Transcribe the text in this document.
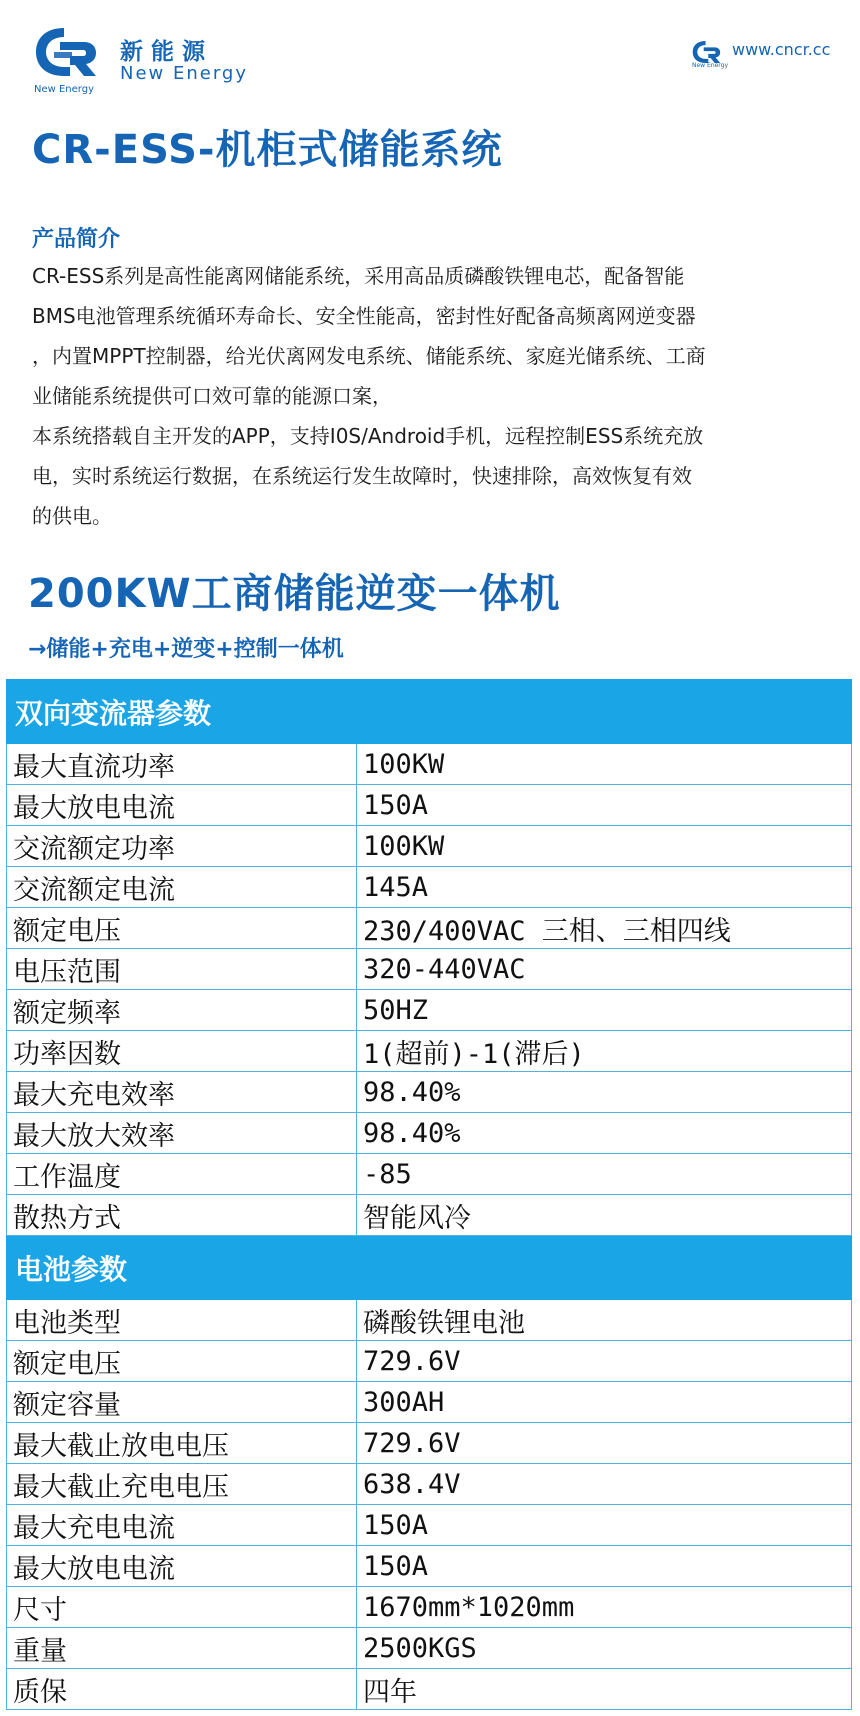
New Energy
新能源
New Energy	New Energy
www.cncr.cc
CR-ESS-机柜式储能系统
产品简介

CR-ESS系列是高性能离网储能系统，采用高品质磷酸铁锂电芯，配备智能
BMS电池管理系统循环寿命长、安全性能高，密封性好配备高频离网逆变器
，内置MPPT控制器，给光伏离网发电系统、储能系统、家庭光储系统、工商
业储能系统提供可口效可靠的能源口案，

本系统搭载自主开发的APP，支持I0S/Android手机，远程控制ESS系统充放
电，实时系统运行数据，在系统运行发生故障时，快速排除，高效恢复有效
的供电。

200KW工商储能逆变一体机
→储能+充电+逆变+控制一体机
双向变流器参数	
最大直流功率	100KW
最大放电电流	150A
交流额定功率	100KW
交流额定电流	145A
额定电压	230/400VAC 三相、三相四线
电压范围	320-440VAC
额定频率	50HZ
功率因数	1(超前)-1(滞后)
最大充电效率	98.40%
最大放大效率	98.40%
工作温度	-85
散热方式	智能风冷
电池参数	
电池类型	磷酸铁锂电池
额定电压	729.6V
额定容量	300AH
最大截止放电电压	729.6V
最大截止充电电压	638.4V
最大充电电流	150A
最大放电电流	150A
尺寸	1670mm*1020mm
重量	2500KGS
质保	四年
